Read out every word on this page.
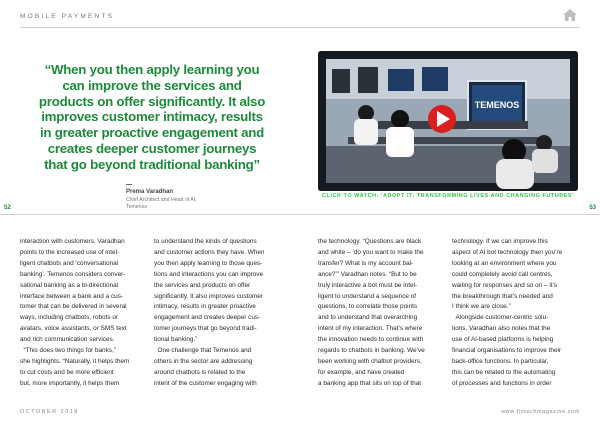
MOBILE PAYMENTS
“When you then apply learning you
can improve the services and
products on offer significantly. It also
improves customer intimacy, results
in greater proactive engagement and
creates deeper customer journeys
that go beyond traditional banking”
Prema Varadhan
Chief Architect and Head of AI,
Temenos
TEMENOS
CLICK TO WATCH: 'ADOPT IT: TRANSFORMING LIVES AND CHANGING FUTURES'
52	53

interaction with customers, Varadhan

points to the increased use of intel-

ligent chatbots and ‘conversational

banking’. Temenos considers conver-

sational banking as a bi-directional

interface between a bank and a cus-

tomer that can be delivered in several

ways, including chatbots, robots or

avatars, voice assistants, or SMS text

and rich communication services.

“This does two things for banks,”

she highlights. “Naturally, it helps them

to cut costs and be more efficient

but, more importantly, it helps them

to understand the kinds of questions

and customer actions they have. When

you then apply learning to those ques-

tions and interactions you can improve

the services and products on offer

significantly. It also improves customer

intimacy, results in greater proactive

engagement and creates deeper cus-

tomer journeys that go beyond tradi-

tional banking.”

One challenge that Temenos and

others in the sector are addressing

around chatbots is related to the

intent of the customer engaging with

the technology. “Questions are black

and white – ‘do you want to make the

transfer? What is my account bal-

ance?’” Varadhan notes. “But to be

truly interactive a bot must be intel-

ligent to understand a sequence of

questions, to correlate those points

and to understand that overarching

intent of my interaction. That’s where

the innovation needs to continue with

regards to chatbots in banking. We’ve

been working with chatbot providers,

for example, and have created

a banking app that sits on top of that

technology. If we can improve this

aspect of AI bot technology then you’re

looking at an environment where you

could completely avoid call centres,

waiting for responses and so on – it’s

the breakthrough that’s needed and

I think we are close.”

Alongside customer-centric solu-

tions, Varadhan also notes that the

use of AI-based platforms is helping

financial organisations to improve their

back-office functions. In particular,

this can be related to the automating

of processes and functions in order

OCTOBER 2018	www.fintechmagazine.com
